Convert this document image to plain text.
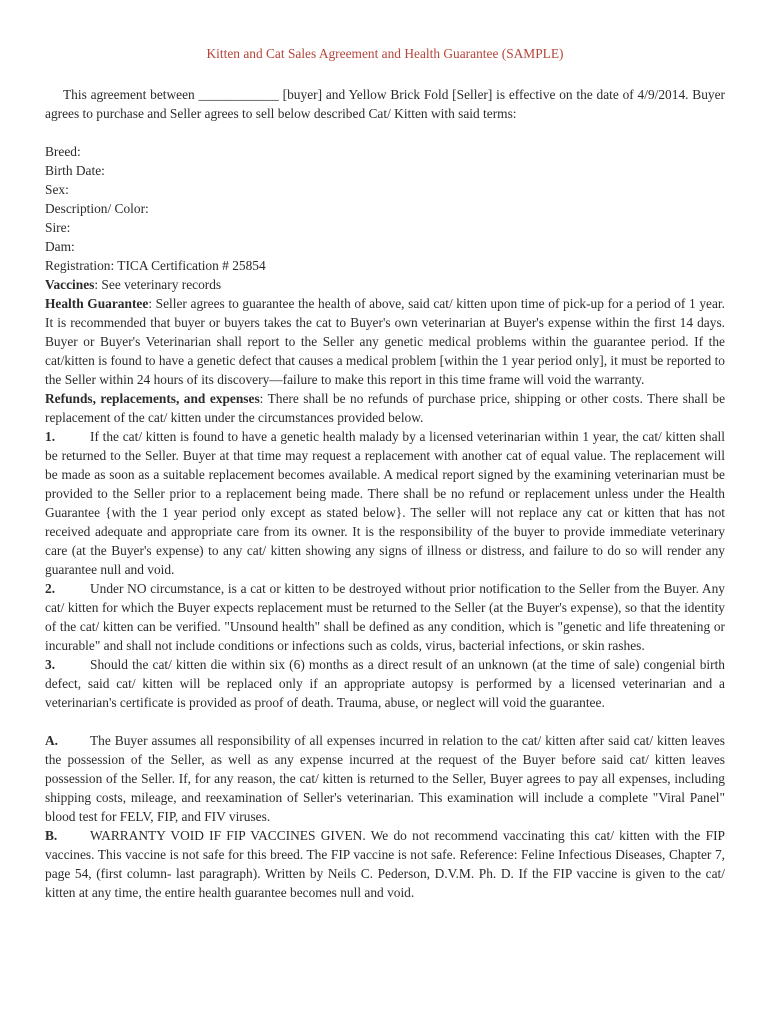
Kitten and Cat Sales Agreement and Health Guarantee (SAMPLE)

This agreement between ____________ [buyer] and Yellow Brick Fold [Seller] is effective on the date of 4/9/2014. Buyer agrees to purchase and Seller agrees to sell below described Cat/ Kitten with said terms:

Breed:
Birth Date:
Sex:
Description/ Color:
Sire:
Dam:
Registration: TICA Certification # 25854

Vaccines: See veterinary records

Health Guarantee: Seller agrees to guarantee the health of above, said cat/ kitten upon time of pick-up for a period of 1 year. It is recommended that buyer or buyers takes the cat to Buyer's own veterinarian at Buyer's expense within the first 14 days. Buyer or Buyer's Veterinarian shall report to the Seller any genetic medical problems within the guarantee period. If the cat/kitten is found to have a genetic defect that causes a medical problem [within the 1 year period only], it must be reported to the Seller within 24 hours of its discovery—failure to make this report in this time frame will void the warranty.

Refunds, replacements, and expenses: There shall be no refunds of purchase price, shipping or other costs. There shall be replacement of the cat/ kitten under the circumstances provided below.

1.	If the cat/ kitten is found to have a genetic health malady by a licensed veterinarian within 1 year, the cat/ kitten shall be returned to the Seller. Buyer at that time may request a replacement with another cat of equal value. The replacement will be made as soon as a suitable replacement becomes available. A medical report signed by the examining veterinarian must be provided to the Seller prior to a replacement being made. There shall be no refund or replacement unless under the Health Guarantee {with the 1 year period only except as stated below}. The seller will not replace any cat or kitten that has not received adequate and appropriate care from its owner. It is the responsibility of the buyer to provide immediate veterinary care (at the Buyer's expense) to any cat/ kitten showing any signs of illness or distress, and failure to do so will render any guarantee null and void.

2.	Under NO circumstance, is a cat or kitten to be destroyed without prior notification to the Seller from the Buyer. Any cat/ kitten for which the Buyer expects replacement must be returned to the Seller (at the Buyer's expense), so that the identity of the cat/ kitten can be verified. "Unsound health" shall be defined as any condition, which is "genetic and life threatening or incurable" and shall not include conditions or infections such as colds, virus, bacterial infections, or skin rashes.

3.	Should the cat/ kitten die within six (6) months as a direct result of an unknown (at the time of sale) congenial birth defect, said cat/ kitten will be replaced only if an appropriate autopsy is performed by a licensed veterinarian and a veterinarian's certificate is provided as proof of death. Trauma, abuse, or neglect will void the guarantee.

A. The Buyer assumes all responsibility of all expenses incurred in relation to the cat/ kitten after said cat/ kitten leaves the possession of the Seller, as well as any expense incurred at the request of the Buyer before said cat/ kitten leaves possession of the Seller. If, for any reason, the cat/ kitten is returned to the Seller, Buyer agrees to pay all expenses, including shipping costs, mileage, and reexamination of Seller's veterinarian. This examination will include a complete "Viral Panel" blood test for FELV, FIP, and FIV viruses.

B. WARRANTY VOID IF FIP VACCINES GIVEN. We do not recommend vaccinating this cat/ kitten with the FIP vaccines. This vaccine is not safe for this breed. The FIP vaccine is not safe. Reference: Feline Infectious Diseases, Chapter 7, page 54, (first column- last paragraph). Written by Neils C. Pederson, D.V.M. Ph. D. If the FIP vaccine is given to the cat/ kitten at any time, the entire health guarantee becomes null and void.
